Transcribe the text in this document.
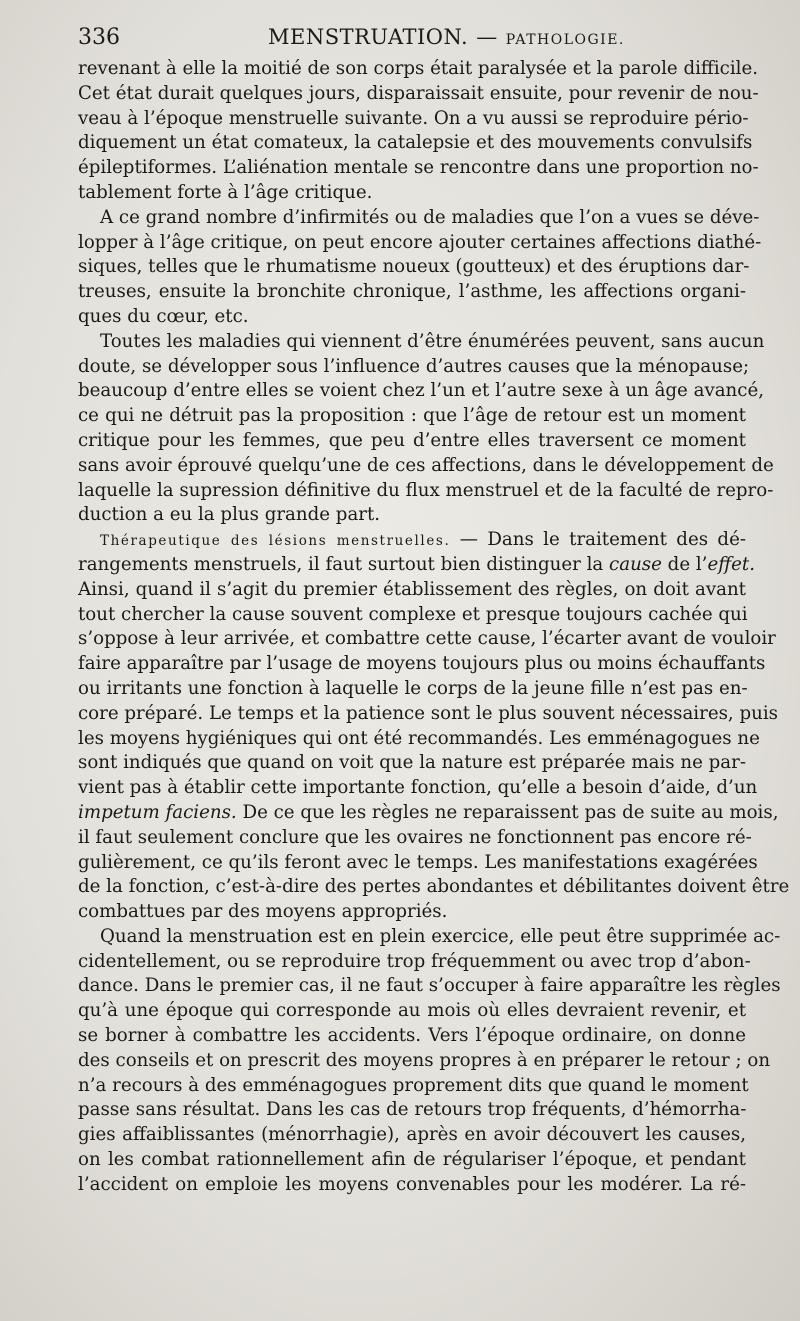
336	MENSTRUATION. — PATHOLOGIE.
revenant à elle la moitié de son corps était paralysée et la parole difficile.
Cet état durait quelques jours, disparaissait ensuite, pour revenir de nou-
veau à l’époque menstruelle suivante. On a vu aussi se reproduire pério-
diquement un état comateux, la catalepsie et des mouvements convulsifs
épileptiformes. L’aliénation mentale se rencontre dans une proportion no-
tablement forte à l’âge critique.
A ce grand nombre d’infirmités ou de maladies que l’on a vues se déve-
lopper à l’âge critique, on peut encore ajouter certaines affections diathé-
siques, telles que le rhumatisme noueux (goutteux) et des éruptions dar-
treuses, ensuite la bronchite chronique, l’asthme, les affections organi-
ques du cœur, etc.
Toutes les maladies qui viennent d’être énumérées peuvent, sans aucun
doute, se développer sous l’influence d’autres causes que la ménopause;
beaucoup d’entre elles se voient chez l’un et l’autre sexe à un âge avancé,
ce qui ne détruit pas la proposition : que l’âge de retour est un moment
critique pour les femmes, que peu d’entre elles traversent ce moment
sans avoir éprouvé quelqu’une de ces affections, dans le développement de
laquelle la supression définitive du flux menstruel et de la faculté de repro-
duction a eu la plus grande part.
Thérapeutique des lésions menstruelles. — Dans le traitement des dé-
rangements menstruels, il faut surtout bien distinguer la cause de l’effet.
Ainsi, quand il s’agit du premier établissement des règles, on doit avant
tout chercher la cause souvent complexe et presque toujours cachée qui
s’oppose à leur arrivée, et combattre cette cause, l’écarter avant de vouloir
faire apparaître par l’usage de moyens toujours plus ou moins échauffants
ou irritants une fonction à laquelle le corps de la jeune fille n’est pas en-
core préparé. Le temps et la patience sont le plus souvent nécessaires, puis
les moyens hygiéniques qui ont été recommandés. Les emménagogues ne
sont indiqués que quand on voit que la nature est préparée mais ne par-
vient pas à établir cette importante fonction, qu’elle a besoin d’aide, d’un
impetum faciens. De ce que les règles ne reparaissent pas de suite au mois,
il faut seulement conclure que les ovaires ne fonctionnent pas encore ré-
gulièrement, ce qu’ils feront avec le temps. Les manifestations exagérées
de la fonction, c’est-à-dire des pertes abondantes et débilitantes doivent être
combattues par des moyens appropriés.
Quand la menstruation est en plein exercice, elle peut être supprimée ac-
cidentellement, ou se reproduire trop fréquemment ou avec trop d’abon-
dance. Dans le premier cas, il ne faut s’occuper à faire apparaître les règles
qu’à une époque qui corresponde au mois où elles devraient revenir, et
se borner à combattre les accidents. Vers l’époque ordinaire, on donne
des conseils et on prescrit des moyens propres à en préparer le retour ; on
n’a recours à des emménagogues proprement dits que quand le moment
passe sans résultat. Dans les cas de retours trop fréquents, d’hémorrha-
gies affaiblissantes (ménorrhagie), après en avoir découvert les causes,
on les combat rationnellement afin de régulariser l’époque, et pendant
l’accident on emploie les moyens convenables pour les modérer. La ré-
